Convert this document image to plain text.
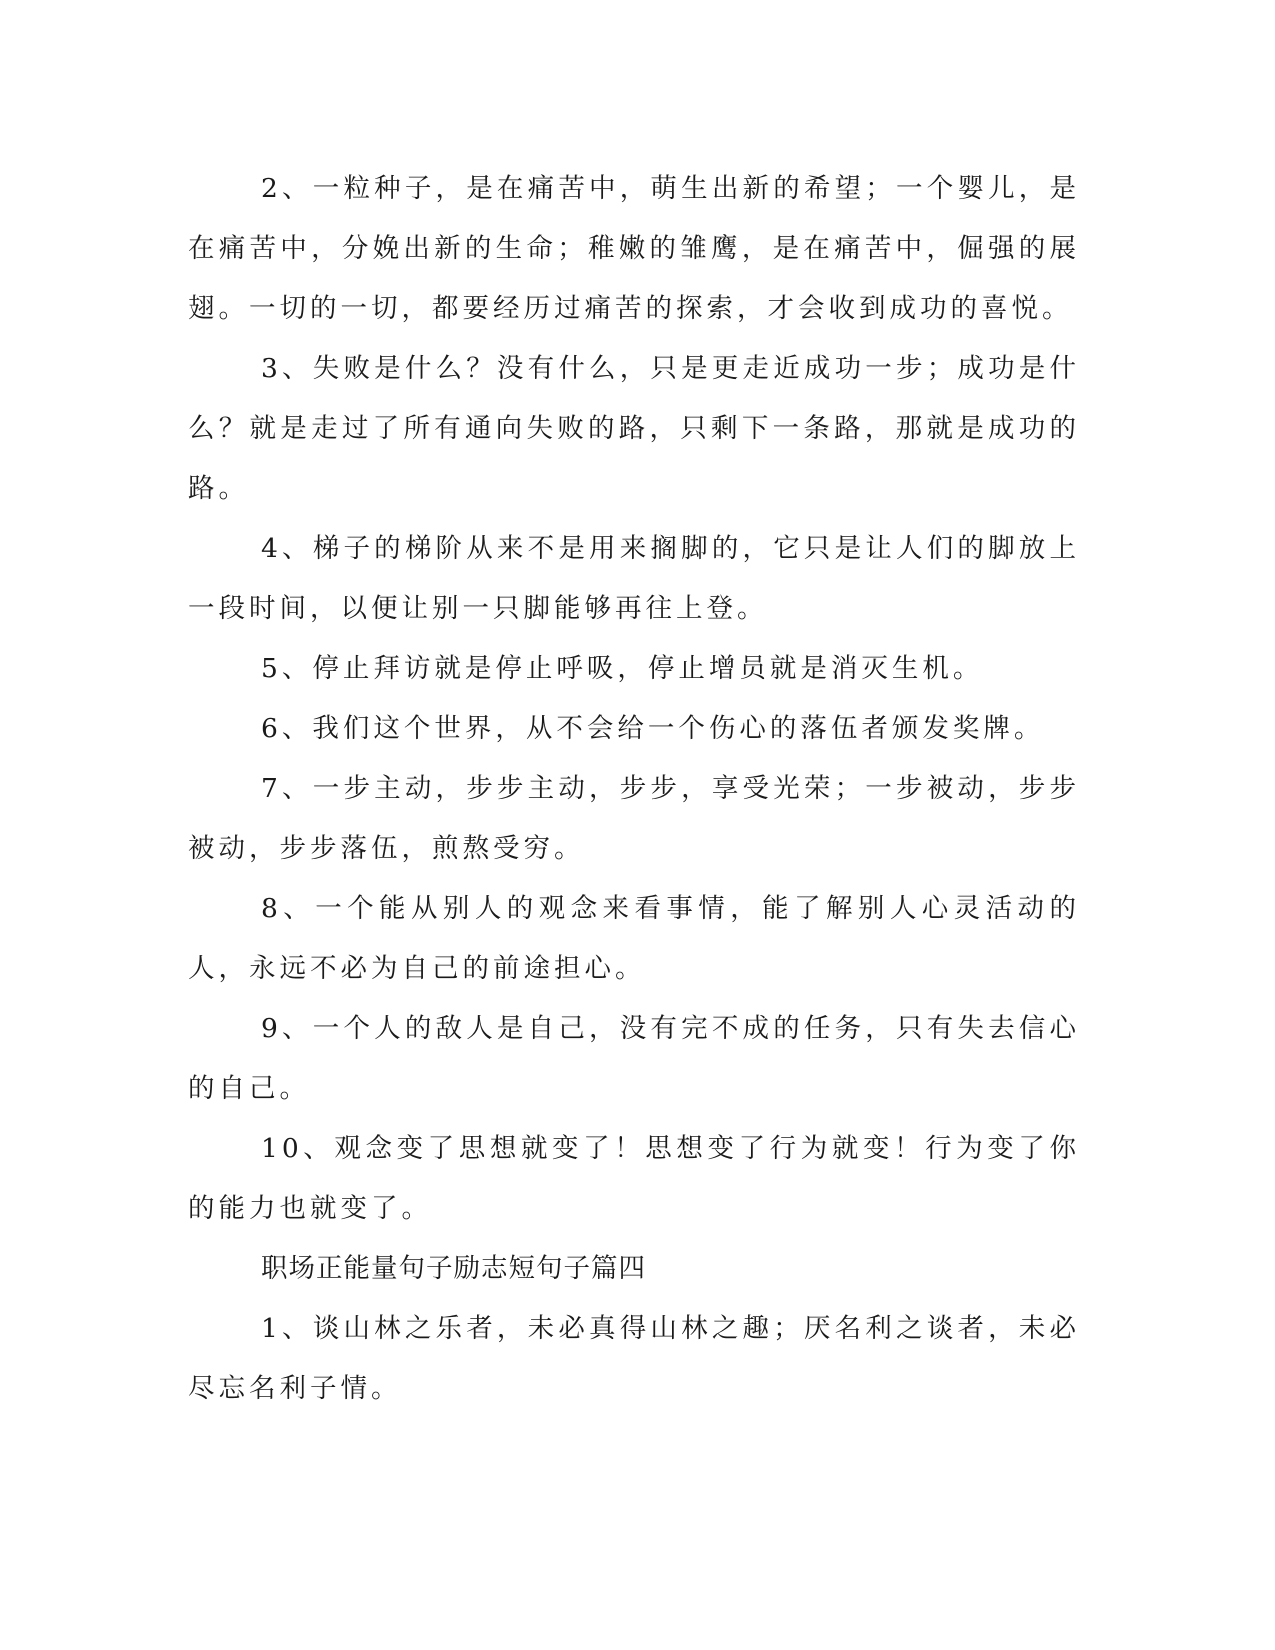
2、一粒种子，是在痛苦中，萌生出新的希望；一个婴儿，是在痛苦中，分娩出新的生命；稚嫩的雏鹰，是在痛苦中，倔强的展翅。一切的一切，都要经历过痛苦的探索，才会收到成功的喜悦。

3、失败是什么？没有什么，只是更走近成功一步；成功是什么？就是走过了所有通向失败的路，只剩下一条路，那就是成功的路。

4、梯子的梯阶从来不是用来搁脚的，它只是让人们的脚放上一段时间，以便让别一只脚能够再往上登。

5、停止拜访就是停止呼吸，停止增员就是消灭生机。

6、我们这个世界，从不会给一个伤心的落伍者颁发奖牌。

7、一步主动，步步主动，步步，享受光荣；一步被动，步步被动，步步落伍，煎熬受穷。

8、一个能从别人的观念来看事情，能了解别人心灵活动的人，永远不必为自己的前途担心。

9、一个人的敌人是自己，没有完不成的任务，只有失去信心的自己。

10、观念变了思想就变了！思想变了行为就变！行为变了你的能力也就变了。

职场正能量句子励志短句子篇四

1、谈山林之乐者，未必真得山林之趣；厌名利之谈者，未必尽忘名利子情。
